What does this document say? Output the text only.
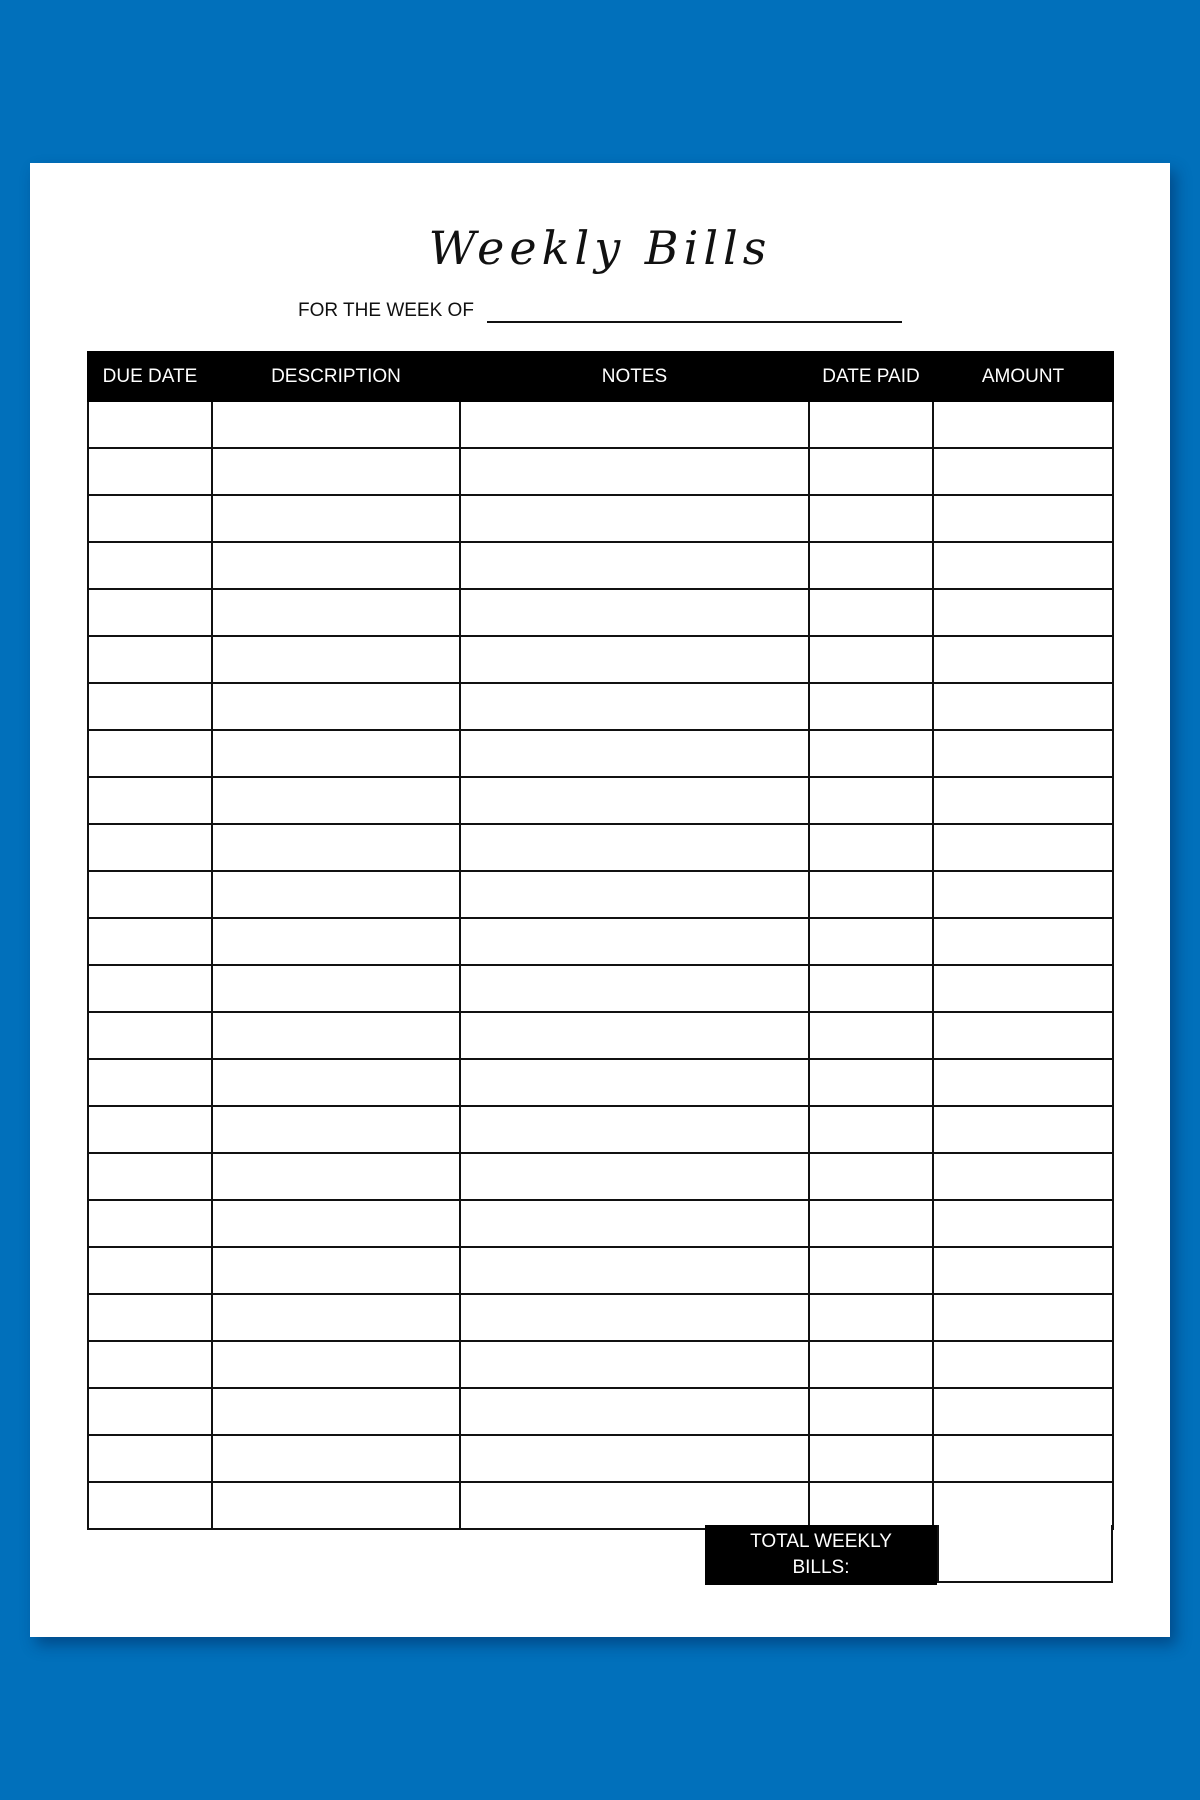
Weekly Bills
FOR THE WEEK OF
DUE DATE	DESCRIPTION	NOTES	DATE PAID	AMOUNT

TOTAL WEEKLY BILLS:
